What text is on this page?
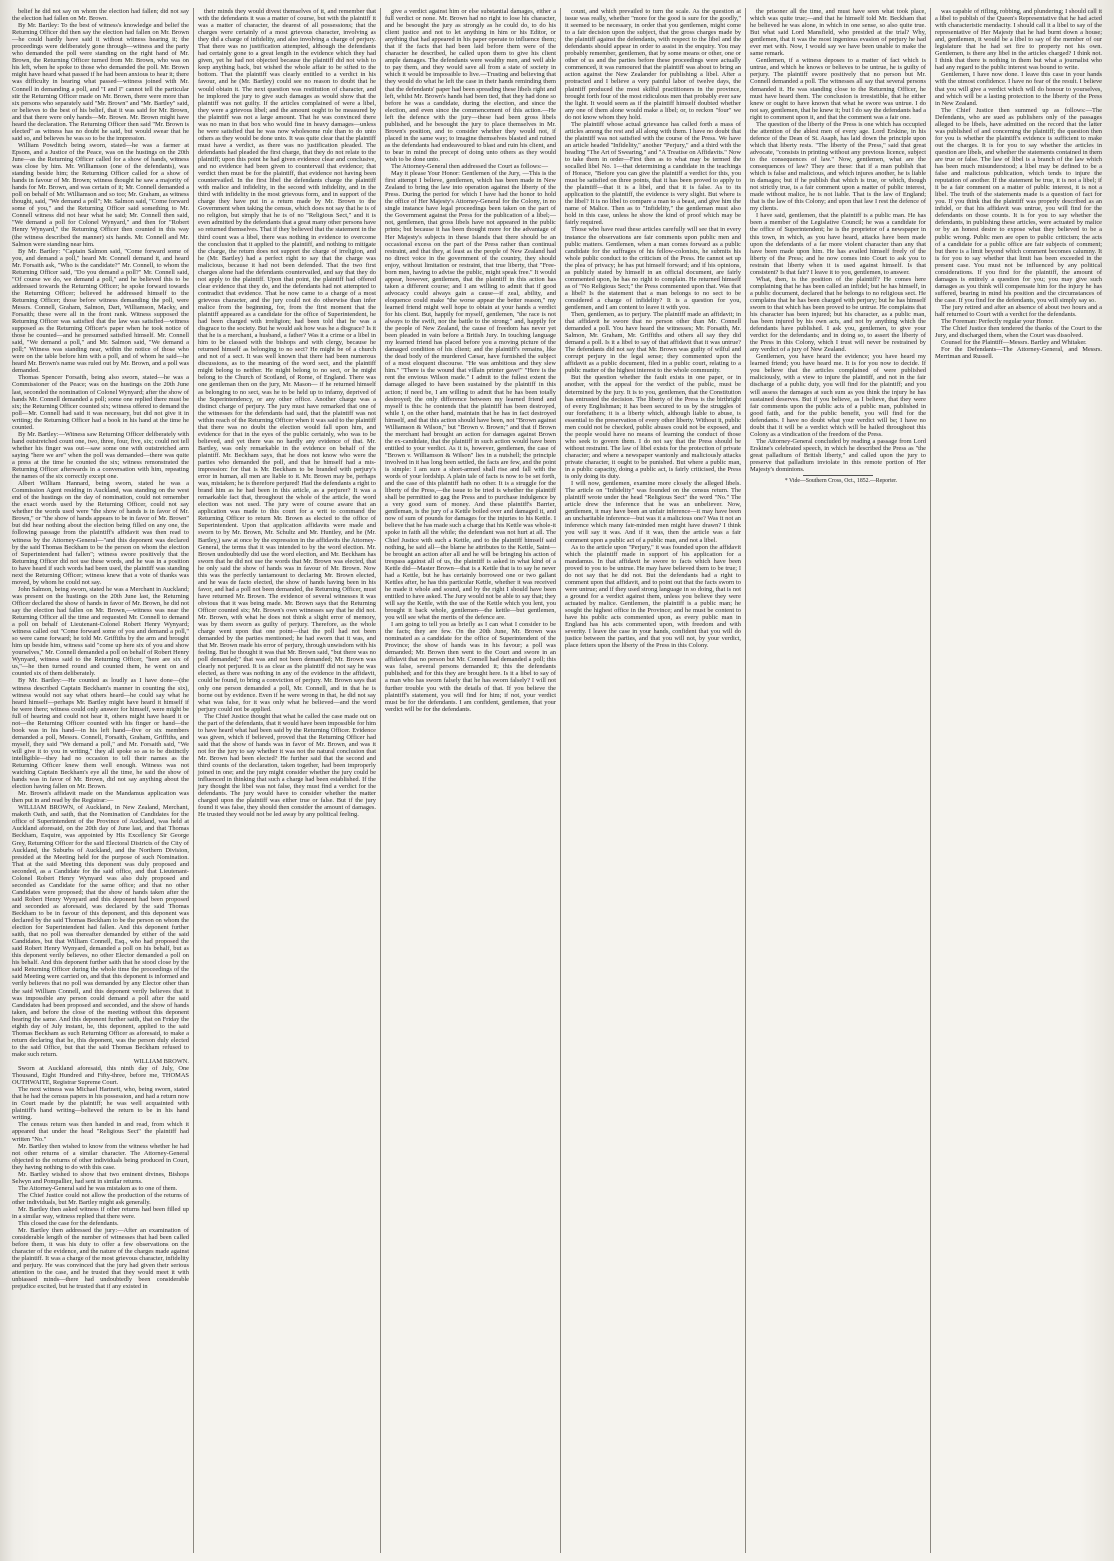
belief he did not say on whom the election had fallen; did not say the election had fallen on Mr. Brown.

By Mr. Bartley: To the best of witness's knowledge and belief the Returning Officer did then say the election had fallen on Mr. Brown—he could hardly have said it without witness hearing it; the proceedings were deliberately gone through—witness and the party who demanded the poll were standing on the right hand of Mr. Brown, the Returning Officer turned from Mr. Brown, who was on his left, when he spoke to those who demanded the poll. Mr. Brown might have heard what passed if he had been anxious to hear it; there was difficulty in hearing what passed—witness joined with Mr. Connell in demanding a poll, and "I and I" cannot tell the particular stir the Returning Officer made on Mr. Brown, there were more than six persons who separately said "Mr. Brown" and "Mr. Bartley" said, or believes to the best of his belief, that it was said for Mr. Brown, and that there were only hands—Mr. Brown. Mr. Brown might have heard the declaration. The Returning Officer then said "Mr. Brown is elected" as witness has no doubt he said, but would swear that he said so, and believes he was so to be the impression.

William Powditch being sworn, stated—he was a farmer at Epsom, and a Justice of the Peace, was on the hustings on the 20th June—as the Returning Officer called for a show of hands, witness was close by him. Mr. Williamson (one of the defendants), was standing beside him; the Returning Officer called for a show of hands in favour of Mr. Brown; witness thought he saw a majority of hands for Mr. Brown, and was certain of it; Mr. Connell demanded a poll on behalf of Mr. Williamson and so too; Mr. Graham, as witness thought, said, "We demand a poll"; Mr. Salmon said, "Come forward some of you," and the Returning Officer said something to Mr. Connell witness did not hear what he said; Mr. Connell then said, "We demand a poll for Colonel Wynyard," and then for "Robert Henry Wynyard," the Returning Officer then counted in this way (the witness described the manner) six hands. Mr. Connell and Mr. Salmon were standing near him.

By Mr. Bartley: "Captain Salmon said, "Come forward some of you, and demand a poll," heard Mr. Connell demand it, and heard Mr. Forsaith ask, "Who is the candidate?" Mr. Connell, to whom the Returning Officer said, "Do you demand a poll?" Mr. Connell said, "Of course we do, we demand a poll," and he believed this to be addressed towards the Returning Officer; he spoke forward towards the Returning Officer; believed he addressed himself to the Returning Officer; those before witness demanding the poll, were Messrs. Connell, Graham, Salmon, Dart, Williamson, Macky, and Forsaith; these were all in the front rank. Witness supposed the Returning Officer was satisfied that the law was satisfied—witness supposed as the Returning Officer's paper when he took notice of those he counted—and he presumed satisfied himself. Mr. Connell said, "We demand a poll," and Mr. Salmon said, "We demand a poll;" Witness was standing near, within the notice of those who were on the table before him with a poll, and of whom he said—he heard Mr. Brown's name was ruled out by Mr. Brown, and a poll was demanded.

Thomas Spencer Forsaith, being also sworn, stated—he was a Commissioner of the Peace; was on the hustings on the 20th June last, seconded the nomination of Colonel Wynyard; after the show of hands Mr. Connell demanded a poll; some one replied there must be six; the Returning Officer counted six; witness offered to demand the poll—Mr. Connell had said it was necessary, but did not give it in writing; the Returning Officer had a book in his hand at the time he counted.

By Mr. Bartley:—Witness saw Returning Officer deliberately with hand outstretched count one, two, three, four, five, six; could not tell whether his finger was out—saw some one with outstretched arm saying "here we are" when the poll was demanded—there was quite a press at the time he counted the six; witness remonstrated the Returning Officer afterwards in a conversation with him, repeating the names of the six correctly except one.

Albert William Hannard, being sworn, stated he was a Commission Agent residing in Auckland, was standing on the west end of the hustings on the day of nomination, could not remember the exact words used by the Returning Officer, could not say whether the words used were "the show of hands is in favor of Mr. Brown," or "the show of hands appears to be in favor of Mr. Brown" but did hear nothing about the election being filled on any one, the following passage from the plaintiff's affidavit was then read to witness by the Attorney-General—"and this deponent was declared by the said Thomas Beckham to be the person on whom the election of Superintendent had fallen"; witness swore positively that the Returning Officer did not use these words, and he was in a position to have heard if such words had been used, the plaintiff was standing next the Returning Officer; witness knew that a vote of thanks was moved, by whom he could not say.

John Salmon, being sworn, stated he was a Merchant in Auckland; was present on the hustings on the 20th June last, the Returning Officer declared the show of hands in favor of Mr. Brown, he did not say the election had fallen on Mr. Brown,—witness was near the Returning Officer all the time and requested Mr. Connell to demand a poll on behalf of Lieutenant-Colonel Robert Henry Wynyard; witness called out "Come forward some of you and demand a poll," so were came forward; he told Mr. Griffiths by the arm and brought him up beside him, witness said "come up here six of you and show yourselves," Mr. Connell demanded a poll on behalf of Robert Henry Wynyard, witness said to the Returning Officer, "here are six of us,"—he then turned round and counted them, he went on and counted six of them deliberately.

By Mr. Bartley:—He counted as loudly as I have done—(the witness described Captain Beckham's manner in counting the six), witness would not say what others heard—he could say what he heard himself—perhaps Mr. Bartley might have heard it himself if he were there; witness could only answer for himself, were might be full of hearing and could not hear it, others might have heard it or not—the Returning Officer counted with his finger or hand—the book was in his hand—in his left hand—five or six members demanded a poll, Messrs. Connell, Forsaith, Graham, Griffiths, and myself, they said "We demand a poll," and Mr. Forsaith said, "We will give it to you in writing," they all spoke so as to be distinctly intelligible—they had no occasion to tell their names as the Returning Officer knew them well enough. Witness was not watching Captain Beckham's eye all the time, he said the show of hands was in favor of Mr. Brown, did not say anything about the election having fallen on Mr. Brown.

Mr. Brown's affidavit made on the Mandamus application was then put in and read by the Registrar:—

WILLIAM BROWN, of Auckland, in New Zealand, Merchant, maketh Oath, and saith, that the Nomination of Candidates for the office of Superintendent of the Province of Auckland, was held at Auckland aforesaid, on the 20th day of June last, and that Thomas Beckham, Esquire, was appointed by His Excellency Sir George Grey, Returning Officer for the said Electoral Districts of the City of Auckland, the Suburbs of Auckland, and the Northern Division, presided at the Meeting held for the purpose of such Nomination. That at the said Meeting this deponent was duly proposed and seconded, as a Candidate for the said office, and that Lieutenant-Colonel Robert Henry Wynyard was also duly proposed and seconded as Candidate for the same office; and that no other Candidates were proposed; that the show of hands taken after the said Robert Henry Wynyard and this deponent had been proposed and seconded as aforesaid, was declared by the said Thomas Beckham to be in favour of this deponent, and this deponent was declared by the said Thomas Beckham to be the person on whom the election for Superintendent had fallen. And this deponent further saith, that no poll was thereafter demanded by either of the said Candidates, but that William Connell, Esq., who had proposed the said Robert Henry Wynyard, demanded a poll on his behalf, but as this deponent verily believes, no other Elector demanded a poll on his behalf. And this deponent further saith that he stood close by the said Returning Officer during the whole time the proceedings of the said Meeting were carried on, and that this deponent is informed and verily believes that no poll was demanded by any Elector other than the said William Connell, and this deponent verily believes that it was impossible any person could demand a poll after the said Candidates had been proposed and seconded, and the show of hands taken, and before the close of the meeting without this deponent hearing the same. And this deponent further saith, that on Friday the eighth day of July instant, he, this deponent, applied to the said Thomas Beckham as such Returning Officer as aforesaid, to make a return declaring that he, this deponent, was the person duly elected to the said Office, but that the said Thomas Beckham refused to make such return.

WILLIAM BROWN.

Sworn at Auckland aforesaid, this ninth day of July, One Thousand, Eight Hundred and Fifty-three, before me, THOMAS OUTHWAITE, Registrar Supreme Court.

The next witness was Michael Hartnett, who, being sworn, stated that he had the census papers in his possession, and had a return now in Court made by the plaintiff; he was well acquainted with plaintiff's hand writing—believed the return to be in his hand writing.

The census return was then handed in and read, from which it appeared that under the head "Religious Sect" the plaintiff had written "No."

Mr. Bartley then wished to know from the witness whether he had not other returns of a similar character. The Attorney-General objected to the returns of other individuals being produced in Court, they having nothing to do with this case.

Mr. Bartley wished to show that two eminent divines, Bishops Selwyn and Pompallier, had sent in similar returns.

The Attorney-General said he was mistaken as to one of them.

The Chief Justice could not allow the production of the returns of other individuals, but Mr. Bartley might ask generally.

Mr. Bartley then asked witness if other returns had been filled up in a similar way, witness replied that there were.

This closed the case for the defendants.

Mr. Bartley then addressed the jury:—After an examination of considerable length of the number of witnesses that had been called before them, it was his duty to offer a few observations on the character of the evidence, and the nature of the charges made against the plaintiff. It was a charge of the most grievous character, infidelity and perjury. He was convinced that the jury had given their serious attention to the case, and he trusted that they would meet it with unbiassed minds—there had undoubtedly been considerable prejudice excited, but he trusted that if any existed in

their minds they would divest themselves of it, and remember that with the defendants it was a matter of course, but with the plaintiff it was a matter of character, the dearest of all possessions; that the charges were certainly of a most grievous character, involving as they did a charge of infidelity, and also involving a charge of perjury. That there was no justification attempted, although the defendants had certainly gone to a great length in the evidence which they had given, yet he had not objected because the plaintiff did not wish to keep anything back, but wished the whole affair to be sifted to the bottom. That the plaintiff was clearly entitled to a verdict in his favour, and he (Mr. Bartley) could see no reason to doubt that he would obtain it. The next question was restitution of character, and he implored the jury to give such damages as would show that the plaintiff was not guilty. If the articles complained of were a libel, they were a grievous libel; and the amount ought to be measured by the plaintiff was not a large amount. That he was convinced there was no man in that box who would fine in heavy damages—unless he were satisfied that he was now wholesome rule than to do unto others as they would be done unto. It was quite clear that the plaintiff must have a verdict, as there was no justification pleaded. The defendants had pleaded the first charge, that they do not relate to the plaintiff; upon this point he had given evidence clear and conclusive, and no evidence had been given to countervail that evidence; that verdict then must be for the plaintiff, that evidence not having been countervailed. In the first libel the defendants charge the plaintiff with malice and infidelity, in the second with infidelity, and in the third with infidelity in the most grievous form, and in support of the charge they have put in a return made by Mr. Brown to the Government when taking the census, which does not say that he is of no religion, but simply that he is of no "Religious Sect," and it is even admitted by the defendants that a great many other persons have so returned themselves. That if they believed that the statement in the third count was a libel, there was nothing in evidence to overcome the conclusion that it applied to the plaintiff, and nothing to mitigate the charge, the return does not support the charge of irreligion, and he (Mr. Bartley) had a perfect right to say that the charge was malicious, because it had not been defended. That the two first charges alone had the defendants countervailed, and say that they do not apply to the plaintiff. Upon that point, the plaintiff had offered clear evidence that they do, and the defendants had not attempted to contradict that evidence. That he now came to a charge of a most grievous character, and the jury could not do otherwise than infer malice from the beginning, for, from the first moment that the plaintiff appeared as a candidate for the office of Superintendent, he had been charged with irreligion; had been told that he was a disgrace to the society. But he would ask how was he a disgrace? Is it that he is a merchant, a husband, a father? Was it a crime or a libel in him to be classed with the bishops and with clergy, because he returned himself as belonging to no sect? He might be of a church and not of a sect. It was well known that there had been numerous discussions, as to the meaning of the word sect, and the plaintiff might belong to neither. He might belong to no sect, or he might belong to the Church of Scotland, of Rome, of England. There was one gentleman then on the jury, Mr. Mason— if he returned himself as belonging to no sect, was he to be held up to infamy, deprived of the Superintendency, or any other office. Another charge was a distinct charge of perjury. The jury must have remarked that one of the witnesses for the defendants had said, that the plaintiff was not within reach of the Returning Officer when it was said to the plaintiff that there was no doubt the election would fall upon him, and evidence for that in the eyes of the public certainly, who was to be believed, and yet there was no hardly any evidence of that. Mr. Bartley, was only remarkable in the evidence on behalf of the plaintiff. Mr. Beckham says, that he does not know who were the parties who demanded the poll, and that he himself had a mis-impression: for that is Mr. Beckham to be branded with perjury's error in human, all men are liable to it. Mr. Brown may be, perhaps was, mistaken; he is therefore perjured! Had the defendants a right to brand him as he had been in this article, as a perjurer? It was a remarkable fact that, throughout the whole of the article, the word election was not used. The jury were of course aware that an application was made to this court for a writ to command the Returning Officer to return Mr. Brown as elected to the office of Superintendent. Upon that application affidavits were made and sworn to by Mr. Brown, Mr. Schultz and Mr. Huntley, and he (Mr. Bartley,) saw at once by the expression in the affidavits the Attorney-General, the terms that it was intended to by the word election. Mr. Brown undoubtedly did use the word election, and Mr. Beckham has sworn that he did not use the words that Mr. Brown was elected, that he only said the show of hands was in favour of Mr. Brown. Now this was the perfectly tantamount to declaring Mr. Brown elected, and he was de facto elected, the show of hands having been in his favor, and had a poll not been demanded, the Returning Officer, must have returned Mr. Brown. The evidence of several witnesses it was obvious that it was being made. Mr. Brown says that the Returning Officer counted six; Mr. Brown's own witnesses say that he did not. Mr. Brown, with what he does not think a slight error of memory, was by them sworn as guilty of perjury. Therefore, as the whole charge went upon that one point—that the poll had not been demanded by the parties mentioned; he had sworn that it was, and that Mr. Brown made his error of perjury, through unwisdom with his feeling. But he thought it was that Mr. Brown said, "but there was no poll demanded;" that was and not been demanded; Mr. Brown was clearly not perjured. It is as clear as the plaintiff did not say he was elected, as there was nothing in any of the evidence in the affidavit, could be found, to bring a conviction of perjury. Mr. Brown says that only one person demanded a poll, Mr. Connell, and in that he is borne out by evidence. Even if he were wrong in that, he did not say what was false, for it was only what he believed—and the word perjury could not be applied.

The Chief Justice thought that what he called the case made out on the part of the defendants, that it would have been impossible for him to have heard what had been said by the Returning Officer. Evidence was given, which if believed, proved that the Returning Officer had said that the show of hands was in favor of Mr. Brown, and was it not for the jury to say whether it was not the natural conclusion that Mr. Brown had been elected? He further said that the second and third counts of the declaration, taken together, had been improperly joined in one; and the jury might consider whether the jury could be influenced in thinking that such a charge had been established. If the jury thought the libel was not false, they must find a verdict for the defendants. The jury would have to consider whether the matter charged upon the plaintiff was either true or false. But if the jury found it was false, they should then consider the amount of damages. He trusted they would not be led away by any political feeling.

give a verdict against him or else substantial damages, either a full verdict or none. Mr. Brown had no right to lose his character, and he besought the jury as strongly as he could do, to do his client justice and not to let anything in him or his Editor, or anything that had appeared in his paper operate to influence them; that if the facts that had been laid before them were of the character he described, he called upon them to give his client ample damages. The defendants were wealthy men, and well able to pay them, and they would save all from a state of society in which it would be impossible to live.—Trusting and believing that they would do what he left the case in their hands reminding them that the defendants' paper had been spreading these libels right and left, whilst Mr. Brown's hands had been tied, that they had done so before he was a candidate, during the election, and since the election, and even since the commencement of this action.—He left the defence with the jury—these had been gross libels published, and he besought the jury to place themselves in Mr. Brown's position, and to consider whether they would not, if placed in the same way; to imagine themselves blasted and ruined as the defendants had endeavoured to blast and ruin his client, and to bear in mind the precept of doing unto others as they would wish to be done unto.

The Attorney-General then addressed the Court as follows:—

May it please Your Honor: Gentlemen of the Jury, —This is the first attempt I believe, gentlemen, which has been made in New Zealand to bring the law into operation against the liberty of the Press. During the period for which I have had the honor to hold the office of Her Majesty's Attorney-General for the Colony, in no single instance have legal proceedings been taken on the part of the Government against the Press for the publication of a libel;—not, gentlemen, that gross libels have not appeared in the public prints; but because it has been thought more for the advantage of Her Majesty's subjects in these Islands that there should be an occasional excess on the part of the Press rather than continual restraint, and that they, at least as the people of New Zealand had no direct voice in the government of the country, they should enjoy, without limitation or restraint, that true liberty, that "Free-born men, having to advise the public, might speak free." It would appear, however, gentlemen, that the plaintiff in this action has taken a different course; and I am willing to admit that if good advocacy could always gain a cause—if zeal, ability, and eloquence could make "the worse appear the better reason," my learned friend might well hope to obtain at your hands a verdict for his client. But, happily for myself, gentlemen, "the race is not always to the swift, nor the battle to the strong;" and, happily for the people of New Zealand, the cause of freedom has never yet been pleaded in vain before a British Jury. In touching language my learned friend has placed before you a moving picture of the damaged condition of his client; and the plaintiff's remains, like the dead body of the murdered Cæsar, have furnished the subject of a most eloquent discourse. "He was ambitious and they slew him." "There is the wound that villain printer gave!" "Here is the rent the envious Wilson made." I admit to the fullest extent the damage alleged to have been sustained by the plaintiff in this action; if need be, I am willing to admit that he has been totally destroyed; the only difference between my learned friend and myself is this: he contends that the plaintiff has been destroyed, while I, on the other hand, maintain that he has in fact destroyed himself, and that this action should have been, not "Brown against Williamson & Wilson," but "Brown v. Brown;" and that if Brown the merchant had brought an action for damages against Brown the ex-candidate, that the plaintiff in such action would have been entitled to your verdict. As it is, however, gentlemen, the case of "Brown v. Williamson & Wilson" lies in a nutshell; the principle involved in it has long been settled, the facts are few, and the point is simple: I am sure a short-armed shall rise and fall with the words of your lordship. A plain tale of facts is now to be set forth, and the case of this plaintiff hath no other. It is a struggle for the liberty of the Press,—the issue to be tried is whether the plaintiff shall be permitted to gag the Press and to purchase indulgence by a very good sum of money. And these plaintiff's Barrier, gentleman, is the jury of a Kettle boiled over and damaged it, and now of sum of pounds for damages for the injuries to his Kettle. I believe that he has made such a charge that his Kettle was whole-it spoke in faith all the while; the defendant was not hurt at all. The Chief Justice with such a Kettle, and to the plaintiff himself said nothing, he said all—the blame he attributes to the Kettle, Saint—be brought an action after all and he will be bringing his action of trespass against all of us, the plaintiff is asked in what kind of a Kettle did—Master Brown—that is a Kettle that is to say he never had a Kettle, but he has certainly borrowed one or two gallant Kettles after, he has this particular Kettle, whether it was received he made it whole and sound, and by the right I should have been entitled to have asked. The Jury would not be able to say that; they will say the Kettle, with the use of the Kettle which you lent, you brought it back whole, gentlemen—the kettle—but gentlemen, you will see what the merits of the defence are.

I am going to tell you as briefly as I can what I consider to be the facts; they are few. On the 20th June, Mr. Brown was nominated as a candidate for the office of Superintendent of the Province; the show of hands was in his favour; a poll was demanded; Mr. Brown then went to the Court and swore in an affidavit that no person but Mr. Connell had demanded a poll; this was false, several persons demanded it; this the defendants published; and for this they are brought here. Is it a libel to say of a man who has sworn falsely that he has sworn falsely? I will not further trouble you with the details of that. If you believe the plaintiff's statement, you will find for him; if not, your verdict must be for the defendants. I am confident, gentlemen, that your verdict will be for the defendants.

count, and which prevailed to turn the scale. As the question at issue was really, whether "more for the good is sure for the goodly," it seemed to be necessary, in order that you gentlemen, might come to a fair decision upon the subject, that the gross charges made by the plaintiff against the defendants, with respect to the libel and the defendants should appear in order to assist in the enquiry. You may probably remember, gentlemen, that by some means or other, one or other of us and the parties before these proceedings were actually commenced, it was rumoured that the plaintiff was about to bring an action against the New Zealander for publishing a libel. After a protracted and I believe a very painful labor of twelve days, the plaintiff produced the most skilful practitioners in the province, brought forth four of the most ridiculous men that probably ever saw the light. It would seem as if the plaintiff himself doubted whether any one of them alone would make a libel; or, to reckon "four" we do not know whom they hold.

The plaintiff whose actual grievance has called forth a mass of articles among the rest and all along with them. I have no doubt that the plaintiff was not satisfied with the course of the Press. We have an article headed "Infidelity," another "Perjury," and a third with the heading "The Art of Swearing," and "A Treatise on Affidavits." Now to take them in order—First then as to what may be termed the socalled libel No. 1—that determining a candidate in the teachings of Horace, "Before you can give the plaintiff a verdict for this, you must be satisfied on three points, that it has been proved to apply to the plaintiff—that it is a libel, and that it is false. As to its application to the plaintiff, the evidence is very slight. But where is the libel? It is no libel to compare a man to a beast, and give him the name of Malice. Then as to "Infidelity," the gentleman must also hold in this case, unless he show the kind of proof which may be fairly required.

Those who have read these articles carefully will see that in every instance the observations are fair comments upon public men and public matters. Gentlemen, when a man comes forward as a public candidate for the suffrages of his fellow-colonists, he submits his whole public conduct to the criticism of the Press. He cannot set up the plea of privacy; he has put himself forward; and if his opinions, as publicly stated by himself in an official document, are fairly commented upon, he has no right to complain. He returned himself as of "No Religious Sect;" the Press commented upon that. Was that a libel? Is the statement that a man belongs to no sect to be considered a charge of infidelity? It is a question for you, gentlemen, and I am content to leave it with you.

Then, gentlemen, as to perjury. The plaintiff made an affidavit; in that affidavit he swore that no person other than Mr. Connell demanded a poll. You have heard the witnesses; Mr. Forsaith, Mr. Salmon, Mr. Graham, Mr. Griffiths and others all say they did demand a poll. Is it a libel to say of that affidavit that it was untrue? The defendants did not say that Mr. Brown was guilty of wilful and corrupt perjury in the legal sense; they commented upon the affidavit as a public document, filed in a public court, relating to a public matter of the highest interest to the whole community.

But the question whether the fault exists in one paper, or in another, with the appeal for the verdict of the public, must be determined by the jury. It is to you, gentlemen, that the Constitution has entrusted the decision. The liberty of the Press is the birthright of every Englishman; it has been secured to us by the struggles of our forefathers; it is a liberty which, although liable to abuse, is essential to the preservation of every other liberty. Without it, public men could not be checked, public abuses could not be exposed, and the people would have no means of learning the conduct of those who seek to govern them. I do not say that the Press should be without restraint. The law of libel exists for the protection of private character; and where a newspaper wantonly and maliciously attacks private character, it ought to be punished. But where a public man, in a public capacity, doing a public act, is fairly criticised, the Press is only doing its duty.

I will now, gentlemen, examine more closely the alleged libels. The article on "Infidelity" was founded on the census return. The plaintiff wrote under the head "Religious Sect" the word "No." The article drew the inference that he was an unbeliever. Now, gentlemen, it may have been an unfair inference—it may have been an uncharitable inference—but was it a malicious one? Was it not an inference which many fair-minded men might have drawn? I think you will say it was. And if it was, then the article was a fair comment upon a public act of a public man, and not a libel.

As to the article upon "Perjury," it was founded upon the affidavit which the plaintiff made in support of his application for a mandamus. In that affidavit he swore to facts which have been proved to you to be untrue. He may have believed them to be true; I do not say that he did not. But the defendants had a right to comment upon that affidavit, and to point out that the facts sworn to were untrue; and if they used strong language in so doing, that is not a ground for a verdict against them, unless you believe they were actuated by malice. Gentlemen, the plaintiff is a public man; he sought the highest office in the Province; and he must be content to have his public acts commented upon, as every public man in England has his acts commented upon, with freedom and with severity. I leave the case in your hands, confident that you will do justice between the parties, and that you will not, by your verdict, place fetters upon the liberty of the Press in this Colony.

the prisoner all the time, and must have seen what took place, which was quite true;—and that he himself told Mr. Beckham that he believed he was alone, in which in one sense, so also quite true. But what said Lord Mansfield, who presided at the trial? Why, gentlemen, that it was the most ingenious evasion of perjury he had ever met with. Now, I would say we have been unable to make the same remark.

Gentlemen, if a witness deposes to a matter of fact which is untrue, and which he knows or believes to be untrue, he is guilty of perjury. The plaintiff swore positively that no person but Mr. Connell demanded a poll. The witnesses all say that several persons demanded it. He was standing close to the Returning Officer, he must have heard them. The conclusion is irresistible, that he either knew or ought to have known that what he swore was untrue. I do not say, gentlemen, that he knew it; but I do say the defendants had a right to comment upon it, and that the comment was a fair one.

The question of the liberty of the Press is one which has occupied the attention of the ablest men of every age. Lord Erskine, in his defence of the Dean of St. Asaph, has laid down the principle upon which that liberty rests. "The liberty of the Press," said that great advocate, "consists in printing without any previous licence, subject to the consequences of law." Now, gentlemen, what are the consequences of law? They are these: that if a man publish that which is false and malicious, and which injures another, he is liable in damages; but if he publish that which is true, or which, though not strictly true, is a fair comment upon a matter of public interest, made without malice, he is not liable. That is the law of England; that is the law of this Colony; and upon that law I rest the defence of my clients.

I have said, gentlemen, that the plaintiff is a public man. He has been a member of the Legislative Council; he was a candidate for the office of Superintendent; he is the proprietor of a newspaper in this town, in which, as you have heard, attacks have been made upon the defendants of a far more violent character than any that have been made upon him. He has availed himself freely of the liberty of the Press; and he now comes into Court to ask you to restrain that liberty when it is used against himself. Is that consistent? Is that fair? I leave it to you, gentlemen, to answer.

What, then, is the position of the plaintiff? He comes here complaining that he has been called an infidel; but he has himself, in a public document, declared that he belongs to no religious sect. He complains that he has been charged with perjury; but he has himself sworn to that which has been proved to be untrue. He complains that his character has been injured; but his character, as a public man, has been injured by his own acts, and not by anything which the defendants have published. I ask you, gentlemen, to give your verdict for the defendants; and in doing so, to assert the liberty of the Press in this Colony, which I trust will never be restrained by any verdict of a jury of New Zealand.

Gentlemen, you have heard the evidence; you have heard my learned friend; you have heard me. It is for you now to decide. If you believe that the articles complained of were published maliciously, with a view to injure the plaintiff, and not in the fair discharge of a public duty, you will find for the plaintiff; and you will assess the damages at such sum as you think the injury he has sustained deserves. But if you believe, as I believe, that they were fair comments upon the public acts of a public man, published in good faith, and for the public benefit, you will find for the defendants. I have no doubt what your verdict will be; I have no doubt that it will be a verdict which will be hailed throughout this Colony as a vindication of the freedom of the Press.

The Attorney-General concluded by reading a passage from Lord Erskine's celebrated speech, in which he described the Press as "the great palladium of British liberty," and called upon the jury to preserve that palladium inviolate in this remote portion of Her Majesty's dominions.

* Vide—Southern Cross, Oct., 1852.—Reporter.

was capable of rifling, robbing, and plundering; I should call it a libel to publish of the Queen's Representative that he had acted with characteristic mendacity. I should call it a libel to say of the representative of Her Majesty that he had burnt down a house; and, gentlemen, it would be a libel to say of the member of our legislature that he had set fire to property not his own. Gentlemen, is there any libel in the articles charged? I think not. I think that there is nothing in them but what a journalist who had any regard to the public interest was bound to write.

Gentlemen, I have now done. I leave this case in your hands with the utmost confidence. I have no fear of the result. I believe that you will give a verdict which will do honour to yourselves, and which will be a lasting protection to the liberty of the Press in New Zealand.

The Chief Justice then summed up as follows:—The Defendants, who are sued as publishers only of the passages alleged to be libels, have admitted on the record that the latter was published of and concerning the plaintiff; the question then for you is whether the plaintiff's evidence is sufficient to make out the charges. It is for you to say whether the articles in question are libels, and whether the statements contained in them are true or false. The law of libel is a branch of the law which has been much misunderstood; a libel may be defined to be a false and malicious publication, which tends to injure the reputation of another. If the statement be true, it is not a libel; if it be a fair comment on a matter of public interest, it is not a libel. The truth of the statements made is a question of fact for you. If you think that the plaintiff was properly described as an infidel, or that his affidavit was untrue, you will find for the defendants on those counts. It is for you to say whether the defendants, in publishing these articles, were actuated by malice or by an honest desire to expose what they believed to be a public wrong. Public men are open to public criticism; the acts of a candidate for a public office are fair subjects of comment; but there is a limit beyond which comment becomes calumny. It is for you to say whether that limit has been exceeded in the present case. You must not be influenced by any political considerations. If you find for the plaintiff, the amount of damages is entirely a question for you; you may give such damages as you think will compensate him for the injury he has suffered, bearing in mind his position and the circumstances of the case. If you find for the defendants, you will simply say so.

The jury retired and after an absence of about two hours and a half returned to Court with a verdict for the defendants.

The Foreman: Perfectly regular your Honor.

The Chief Justice then tendered the thanks of the Court to the Jury, and discharged them, when the Court was dissolved.

Counsel for the Plaintiff—Messrs. Bartley and Whitaker.

For the Defendants—The Attorney-General, and Messrs. Merriman and Russell.
